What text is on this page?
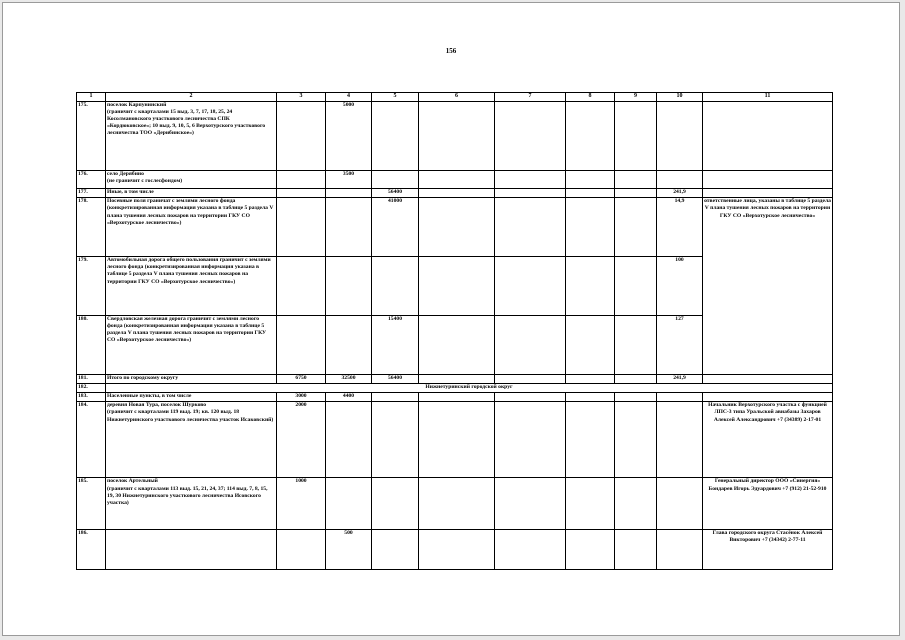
156
1	2	3	4	5	6	7	8	9	10	11
175.	поселок Карпунинский
(граничит с кварталами 15 выд. 3, 7, 17, 18, 25, 24 Косолмановского участкового лесничества СПК «Кордюковское»; 10 выд. 9, 10, 5, 6 Верхотурского участкового лесничества ТОО «Дерибинское»)		5000							
176.	село Дерябино
(не граничит с гослесфондом)		3500							
177.	Иные, в том числе			56400					241,9	
178.	Посевные поля граничат с землями лесного фонда (конкретизированная информация указана в таблице 5 раздела V плана тушения лесных пожаров на территории ГКУ СО «Верхотурское лесничество»)			41000					14,9	ответственные лица, указаны в таблице 5 раздела V плана тушения лесных пожаров на территории ГКУ СО «Верхотурское лесничество»
179.	Автомобильная дорога общего пользования граничит с землями лесного фонда (конкретизированная информация указана в таблице 5 раздела V плана тушения лесных пожаров на территории ГКУ СО «Верхотурское лесничество»)								100	
180.	Свердловская железная дорога граничит с землями лесного фонда (конкретизированная информация указана в таблице 5 раздела V плана тушения лесных пожаров на территории ГКУ СО «Верхотурское лесничество»)			15400					127	
181.	Итого по городскому округу	6750	32500	56400					241,9	
182.	Нижнетуринский городской округ									
183.	Населенные пункты, в том числе	3000	4400							
184.	деревня Новая Тура, поселок Шурково
(граничит с кварталами 119 выд. 19; кв. 120 выд. 18 Нижнетуринского участкового лесничества участок Исаковский)	2000								Начальник Верхотурского участка с функцией ЛПС-3 типа Уральской авиабазы Захаров Алексей Александрович +7 (34389) 2-17-01
185.	поселок Артельный
(граничит с кварталами 113 выд. 15, 21, 24, 37; 114 выд. 7, 8, 15, 19, 30 Нижнетуринского участкового лесничества Исовского участка)	1000								Генеральный директор ООО «Синергия» Бондарев Игорь Эдуардович +7 (912) 21-52-910
186.			500							Глава городского округа Стасёнок Алексей Викторович +7 (34342) 2-77-11
